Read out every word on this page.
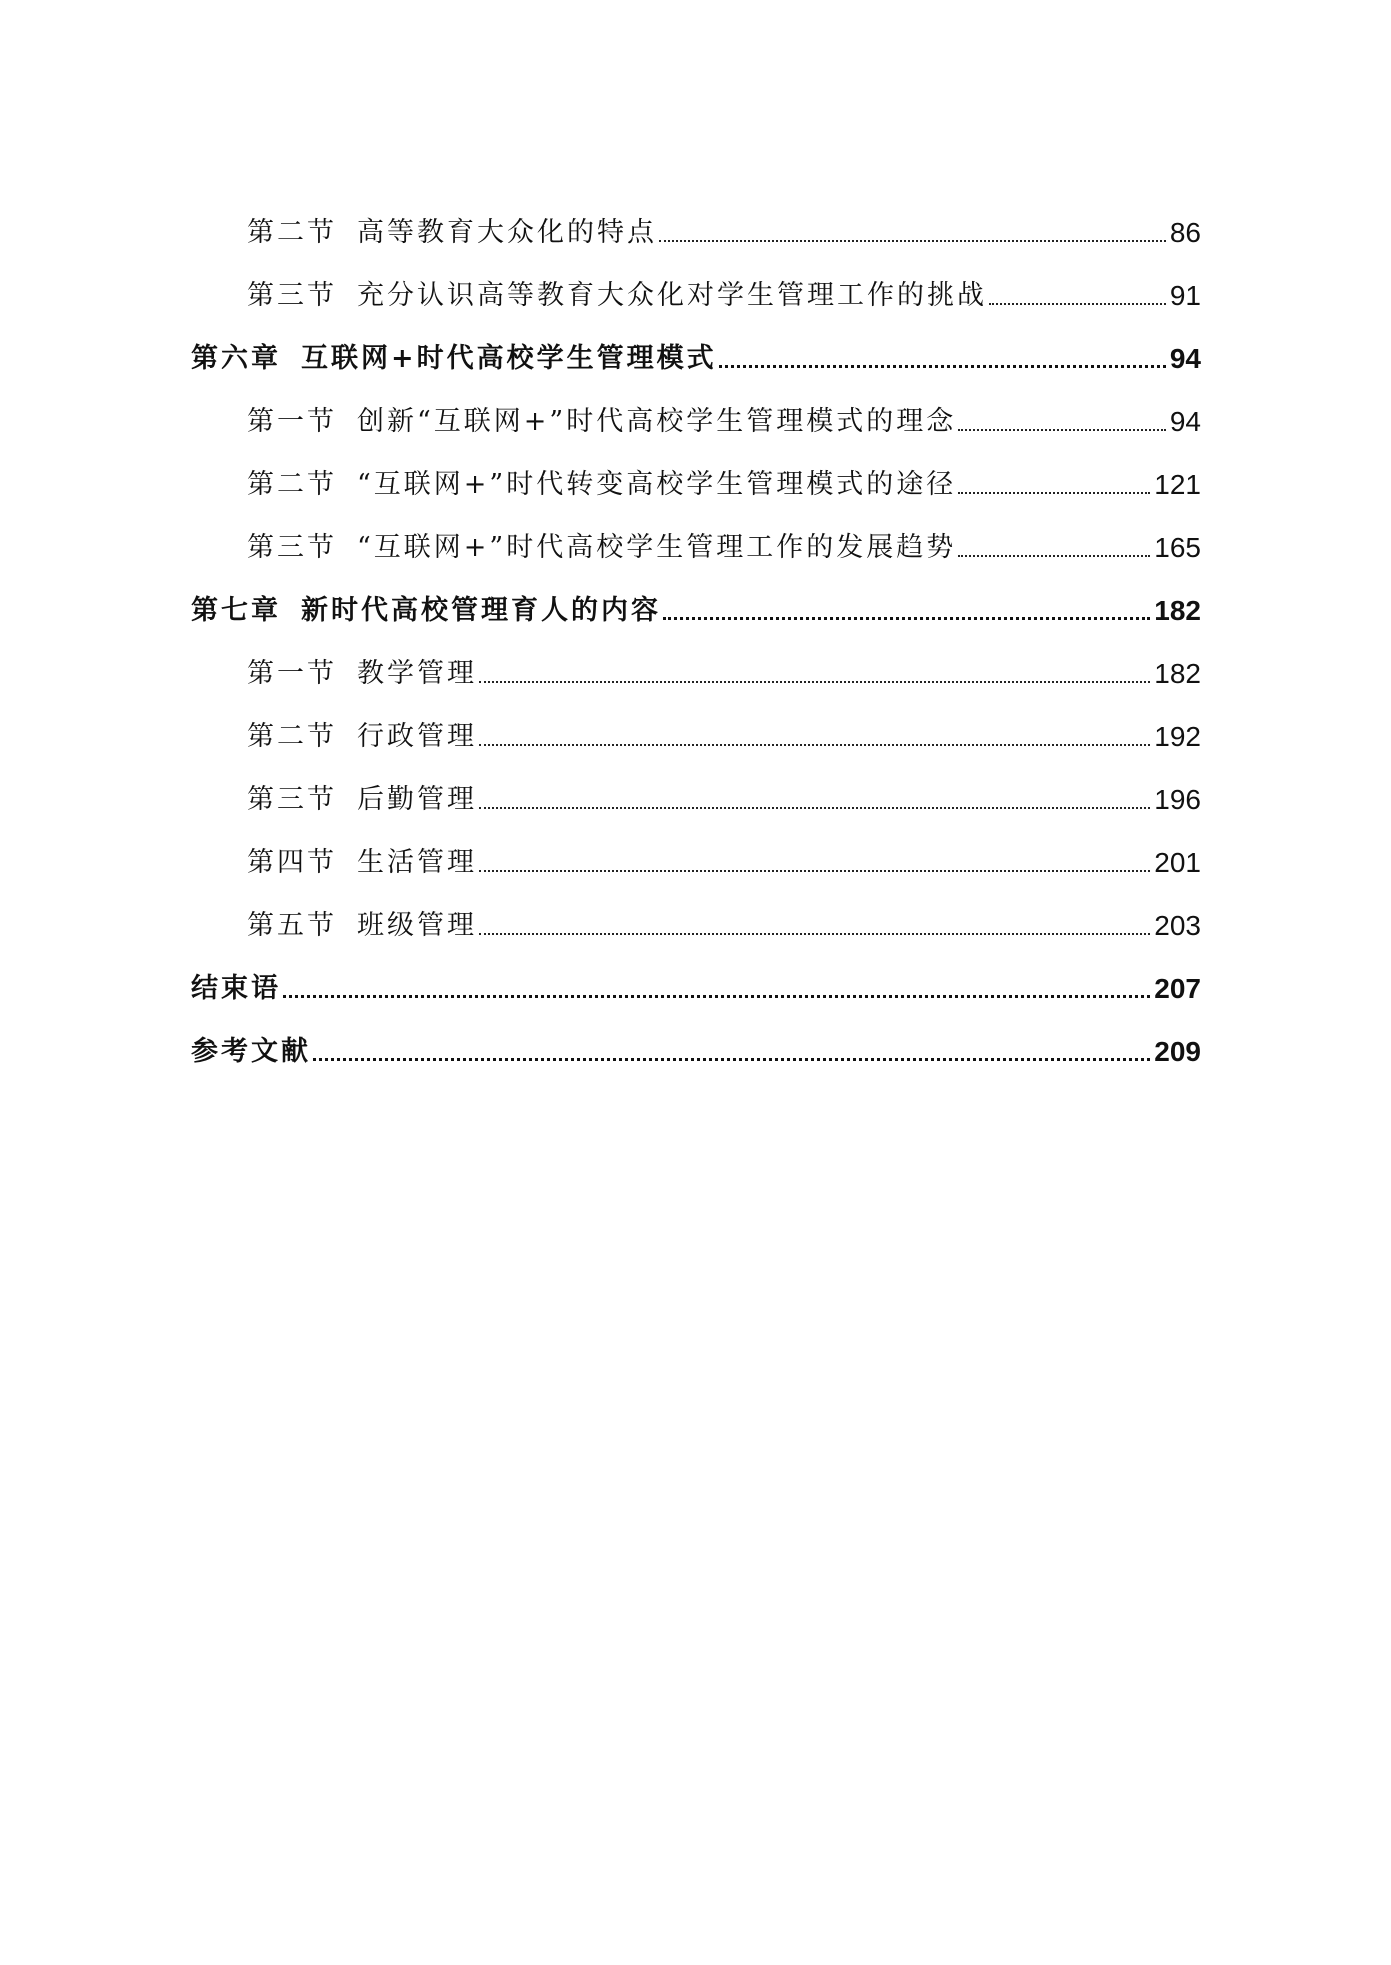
第二节 高等教育大众化的特点	86
第三节 充分认识高等教育大众化对学生管理工作的挑战	91
第六章 互联网+时代高校学生管理模式	94
第一节 创新“互联网+”时代高校学生管理模式的理念	94
第二节 “互联网+”时代转变高校学生管理模式的途径	121
第三节 “互联网+”时代高校学生管理工作的发展趋势	165
第七章 新时代高校管理育人的内容	182
第一节 教学管理	182
第二节 行政管理	192
第三节 后勤管理	196
第四节 生活管理	201
第五节 班级管理	203
结束语	207
参考文献	209
